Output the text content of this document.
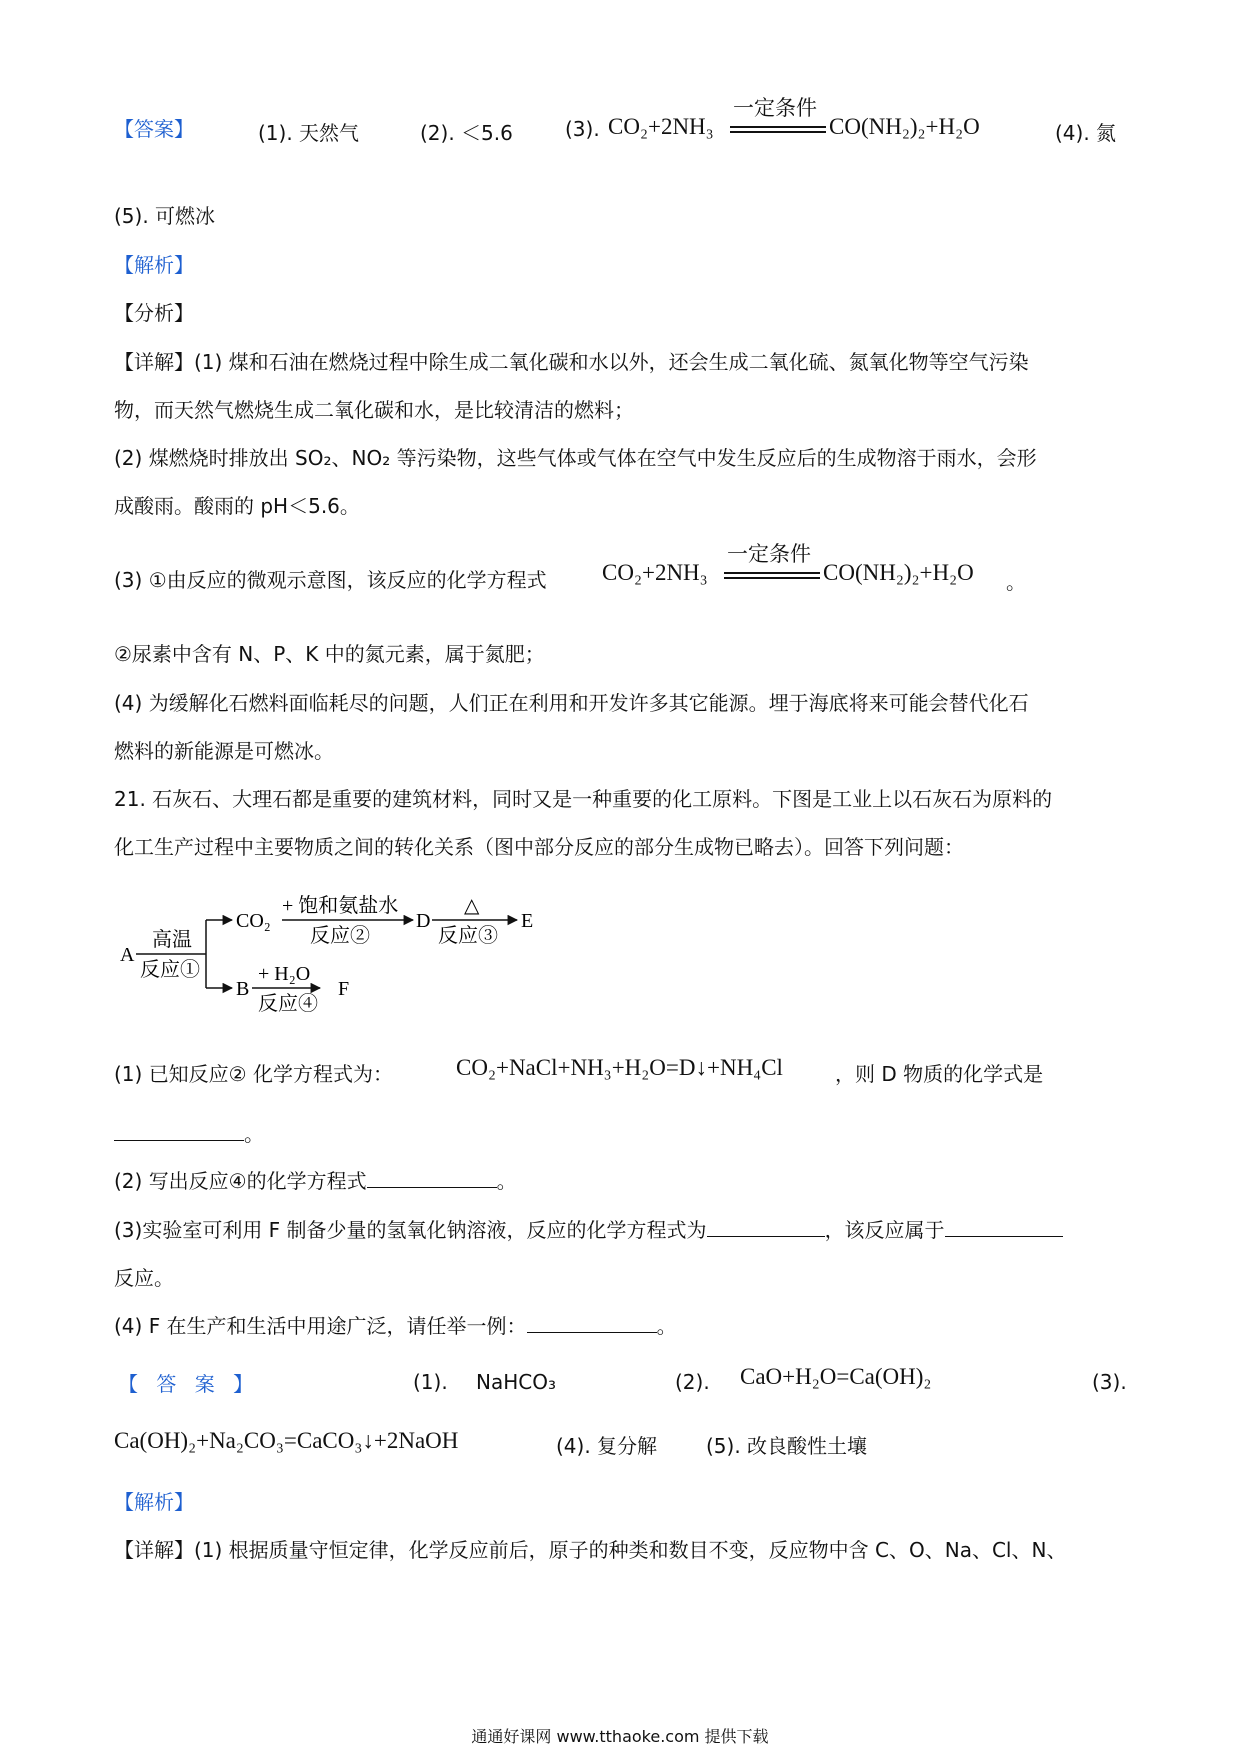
【答案】	(1). 天然气	(2). ＜5.6	(3). CO₂+2NH₃
一定条件
CO(NH₂)₂+H₂O	(4). 氮
(5). 可燃冰
【解析】
【分析】
【详解】(1) 煤和石油在燃烧过程中除生成二氧化碳和水以外，还会生成二氧化硫、氮氧化物等空气污染
物，而天然气燃烧生成二氧化碳和水，是比较清洁的燃料；
(2) 煤燃烧时排放出 SO₂、NO₂ 等污染物，这些气体或气体在空气中发生反应后的生成物溶于雨水，会形
成酸雨。酸雨的 pH＜5.6。
(3) ①由反应的微观示意图，该反应的化学方程式 CO₂+2NH₃
一定条件
CO(NH₂)₂+H₂O 。
②尿素中含有 N、P、K 中的氮元素，属于氮肥；
(4) 为缓解化石燃料面临耗尽的问题，人们正在利用和开发许多其它能源。埋于海底将来可能会替代化石
燃料的新能源是可燃冰。
21. 石灰石、大理石都是重要的建筑材料，同时又是一种重要的化工原料。下图是工业上以石灰石为原料的
化工生产过程中主要物质之间的转化关系（图中部分反应的部分生成物已略去）。回答下列问题：
A
高温
反应①
CO₂
+ 饱和氨盐水
反应②
D
△
反应③
E
B
+ H₂O
反应④
F
(1) 已知反应② 化学方程式为：	CO₂+NaCl+NH₃+H₂O=D↓+NH₄Cl	，则 D 物质的化学式是
。
(2) 写出反应④的化学方程式	。
(3)实验室可利用 F 制备少量的氢氧化钠溶液，反应的化学方程式为	，该反应属于
反应。
(4) F 在生产和生活中用途广泛，请任举一例：	。
【 答 案 】	(1). NaHCO₃	(2). CaO+H₂O=Ca(OH)₂	(3).
Ca(OH)₂+Na₂CO₃=CaCO₃↓+2NaOH	(4). 复分解 (5). 改良酸性土壤
【解析】
【详解】(1) 根据质量守恒定律，化学反应前后，原子的种类和数目不变，反应物中含 C、O、Na、Cl、N、
通通好课网 www.tthaoke.com 提供下载
